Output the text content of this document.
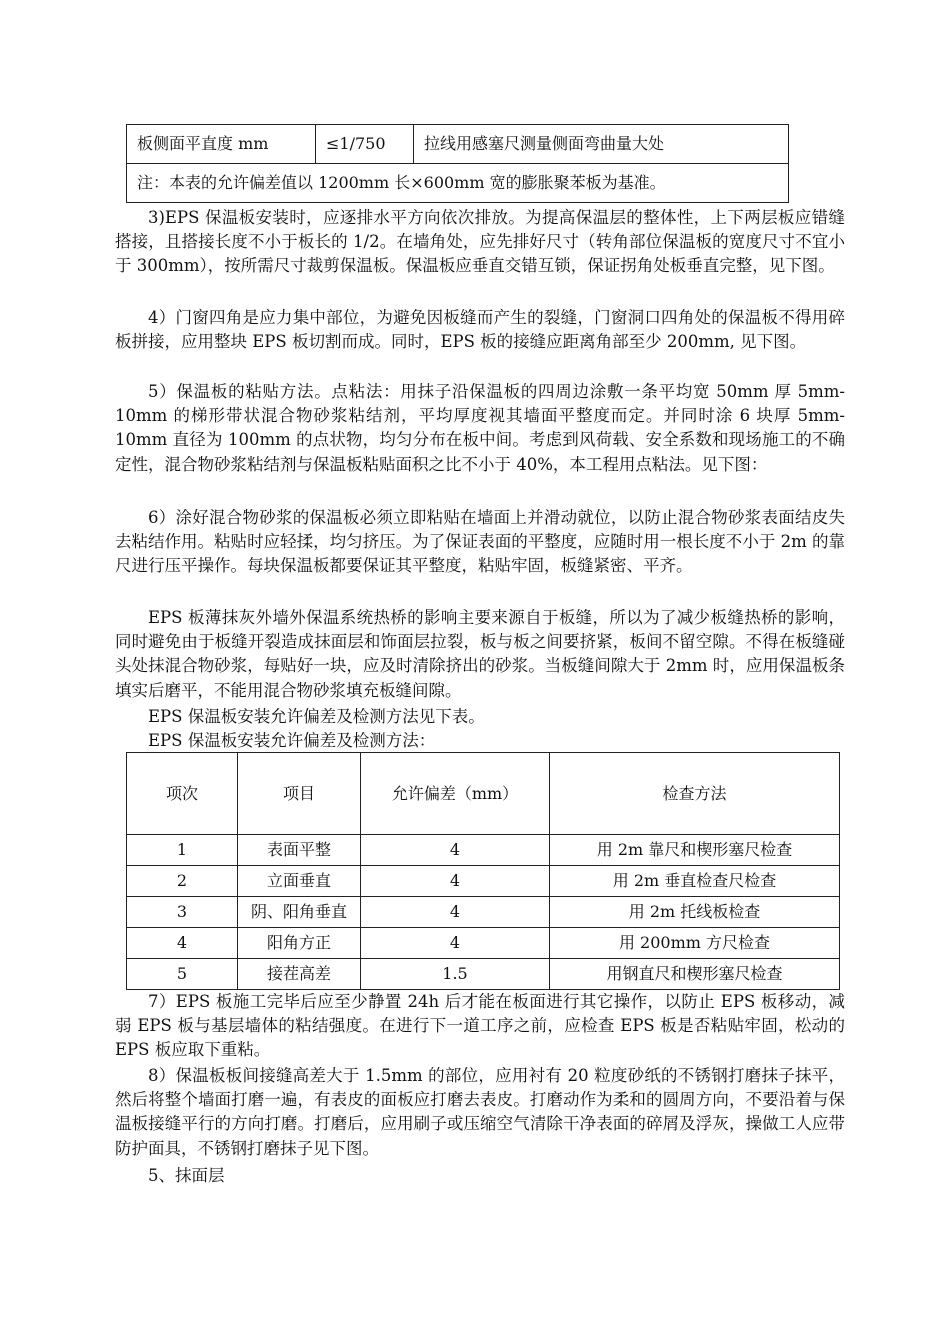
板侧面平直度 mm	≤1/750	拉线用感塞尺测量侧面弯曲量大处
注：本表的允许偏差值以 1200mm 长×600mm 宽的膨胀聚苯板为基准。
3)EPS 保温板安装时，应逐排水平方向依次排放。为提高保温层的整体性，上下两层板应错缝搭接，且搭接长度不小于板长的 1/2。在墙角处，应先排好尺寸（转角部位保温板的宽度尺寸不宜小于 300mm），按所需尺寸裁剪保温板。保温板应垂直交错互锁，保证拐角处板垂直完整，见下图。
4）门窗四角是应力集中部位，为避免因板缝而产生的裂缝，门窗洞口四角处的保温板不得用碎板拼接，应用整块 EPS 板切割而成。同时，EPS 板的接缝应距离角部至少 200mm, 见下图。
5）保温板的粘贴方法。点粘法：用抹子沿保温板的四周边涂敷一条平均宽 50mm 厚 5mm-10mm 的梯形带状混合物砂浆粘结剂，平均厚度视其墙面平整度而定。并同时涂 6 块厚 5mm-10mm 直径为 100mm 的点状物，均匀分布在板中间。考虑到风荷载、安全系数和现场施工的不确定性，混合物砂浆粘结剂与保温板粘贴面积之比不小于 40%，本工程用点粘法。见下图：
6）涂好混合物砂浆的保温板必须立即粘贴在墙面上并滑动就位，以防止混合物砂浆表面结皮失去粘结作用。粘贴时应轻揉，均匀挤压。为了保证表面的平整度，应随时用一根长度不小于 2m 的靠尺进行压平操作。每块保温板都要保证其平整度，粘贴牢固，板缝紧密、平齐。
EPS 板薄抹灰外墙外保温系统热桥的影响主要来源自于板缝，所以为了减少板缝热桥的影响，同时避免由于板缝开裂造成抹面层和饰面层拉裂，板与板之间要挤紧，板间不留空隙。不得在板缝碰头处抹混合物砂浆，每贴好一块，应及时清除挤出的砂浆。当板缝间隙大于 2mm 时，应用保温板条填实后磨平，不能用混合物砂浆填充板缝间隙。
EPS 保温板安装允许偏差及检测方法见下表。
EPS 保温板安装允许偏差及检测方法：
项次	项目	允许偏差（mm）	检查方法
1	表面平整	4	用 2m 靠尺和楔形塞尺检查
2	立面垂直	4	用 2m 垂直检查尺检查
3	阴、阳角垂直	4	用 2m 托线板检查
4	阳角方正	4	用 200mm 方尺检查
5	接茬高差	1.5	用钢直尺和楔形塞尺检查
7）EPS 板施工完毕后应至少静置 24h 后才能在板面进行其它操作，以防止 EPS 板移动，减弱 EPS 板与基层墙体的粘结强度。在进行下一道工序之前，应检查 EPS 板是否粘贴牢固，松动的 EPS 板应取下重粘。
8）保温板板间接缝高差大于 1.5mm 的部位，应用衬有 20 粒度砂纸的不锈钢打磨抹子抹平，然后将整个墙面打磨一遍，有表皮的面板应打磨去表皮。打磨动作为柔和的圆周方向，不要沿着与保温板接缝平行的方向打磨。打磨后，应用刷子或压缩空气清除干净表面的碎屑及浮灰，操做工人应带防护面具，不锈钢打磨抹子见下图。
5、抹面层
